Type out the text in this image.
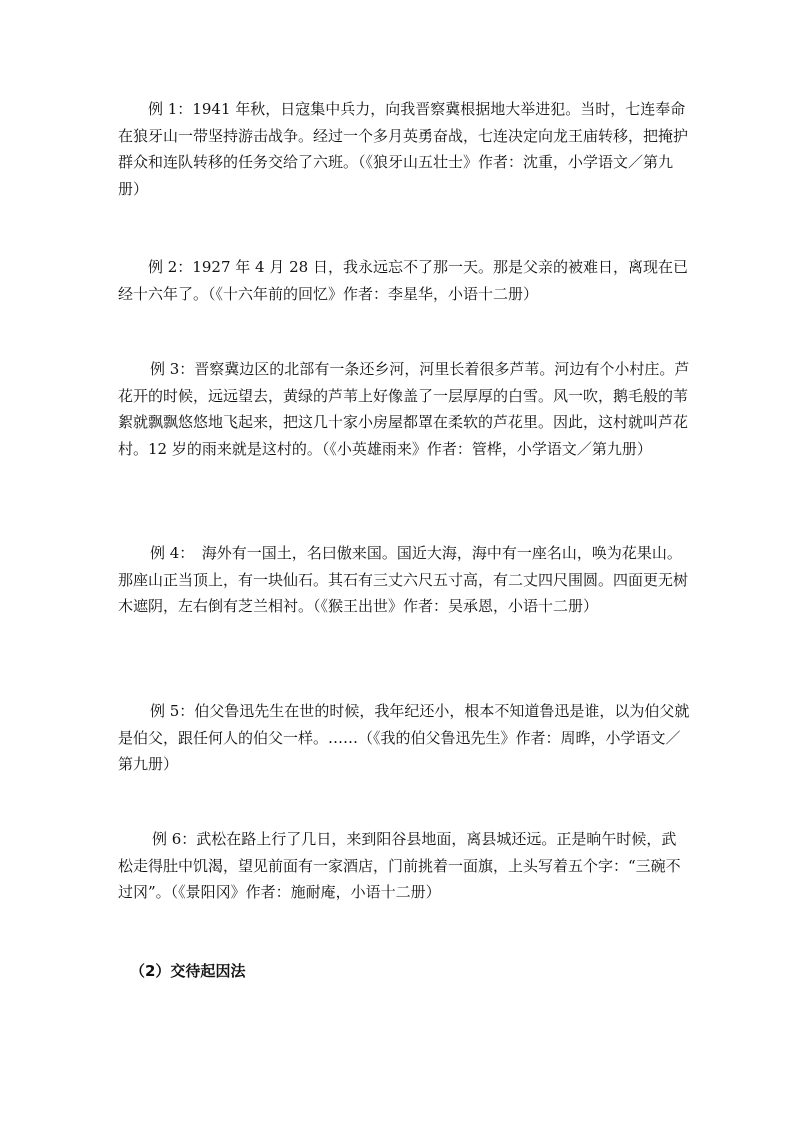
例 1：1941 年秋，日寇集中兵力，向我晋察冀根据地大举进犯。当时，七连奉命在狼牙山一带坚持游击战争。经过一个多月英勇奋战，七连决定向龙王庙转移，把掩护群众和连队转移的任务交给了六班。（《狼牙山五壮士》作者：沈重，小学语文／第九册）

例 2：1927 年 4 月 28 日，我永远忘不了那一天。那是父亲的被难日，离现在已经十六年了。（《十六年前的回忆》作者：李星华，小语十二册）

例 3：晋察冀边区的北部有一条还乡河，河里长着很多芦苇。河边有个小村庄。芦花开的时候，远远望去，黄绿的芦苇上好像盖了一层厚厚的白雪。风一吹，鹅毛般的苇絮就飘飘悠悠地飞起来，把这几十家小房屋都罩在柔软的芦花里。因此，这村就叫芦花村。12 岁的雨来就是这村的。（《小英雄雨来》作者：管桦，小学语文／第九册）

例 4：　海外有一国土，名曰傲来国。国近大海，海中有一座名山，唤为花果山。那座山正当顶上，有一块仙石。其石有三丈六尺五寸高，有二丈四尺围圆。四面更无树木遮阴，左右倒有芝兰相衬。（《猴王出世》作者：吴承恩，小语十二册）

例 5：伯父鲁迅先生在世的时候，我年纪还小，根本不知道鲁迅是谁，以为伯父就是伯父，跟任何人的伯父一样。……（《我的伯父鲁迅先生》作者：周晔，小学语文／第九册）

例 6：武松在路上行了几日，来到阳谷县地面，离县城还远。正是晌午时候，武松走得肚中饥渴，望见前面有一家酒店，门前挑着一面旗，上头写着五个字：“三碗不过冈”。（《景阳冈》作者：施耐庵，小语十二册）

（2）交待起因法
